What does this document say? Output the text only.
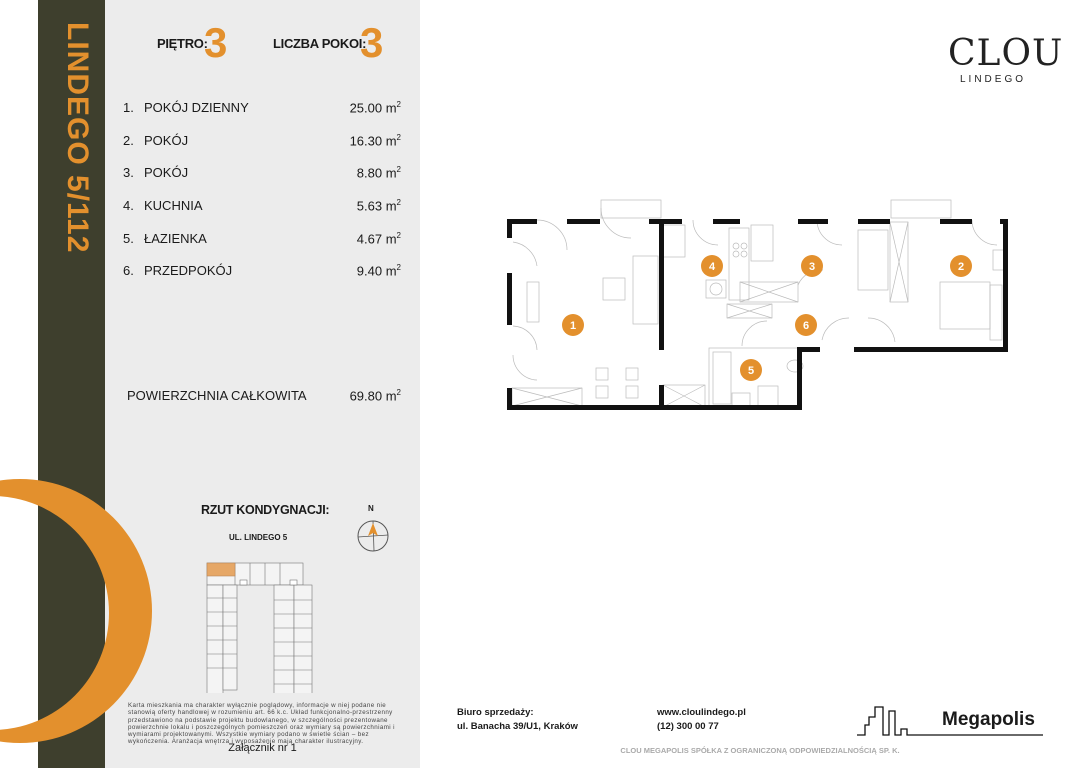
LINDEGO 5/112	PIĘTRO:
3	LICZBA POKOI:
3
1. POKÓJ DZIENNY	25.00 $m^2$
2. POKÓJ	16.30 $m^2$
3. POKÓJ	8.80 $m^2$
4. KUCHNIA	5.63 $m^2$
5. ŁAZIENKA	4.67 $m^2$
6. PRZEDPOKÓJ	9.40 $m^2$
POWIERZCHNIA CAŁKOWITA	69.80 $m^2$
RZUT KONDYGNACJI:
UL. LINDEGO 5
N
Karta mieszkania ma charakter wyłącznie poglądowy, informacje w niej podane nie stanowią oferty handlowej w rozumieniu art. 66 k.c. Układ funkcjonalno-przestrzenny przedstawiono na podstawie projektu budowlanego, w szczególności prezentowane powierzchnie lokalu i poszczególnych pomieszczeń oraz wymiary są powierzchniami i wymiarami projektowanymi. Wszystkie wymiary podano w świetle ścian – bez wykończenia. Aranżacja wnętrza i wyposażenie mają charakter ilustracyjny.
Załącznik nr 1
CLOU
LINDEGO
1
2
3
4
5
6
Biuro sprzedaży:
ul. Banacha 39/U1, Kraków
www.cloulindego.pl
(12) 300 00 77	Megapolis
CLOU MEGAPOLIS SPÓŁKA Z OGRANICZONĄ ODPOWIEDZIALNOŚCIĄ SP. K.
